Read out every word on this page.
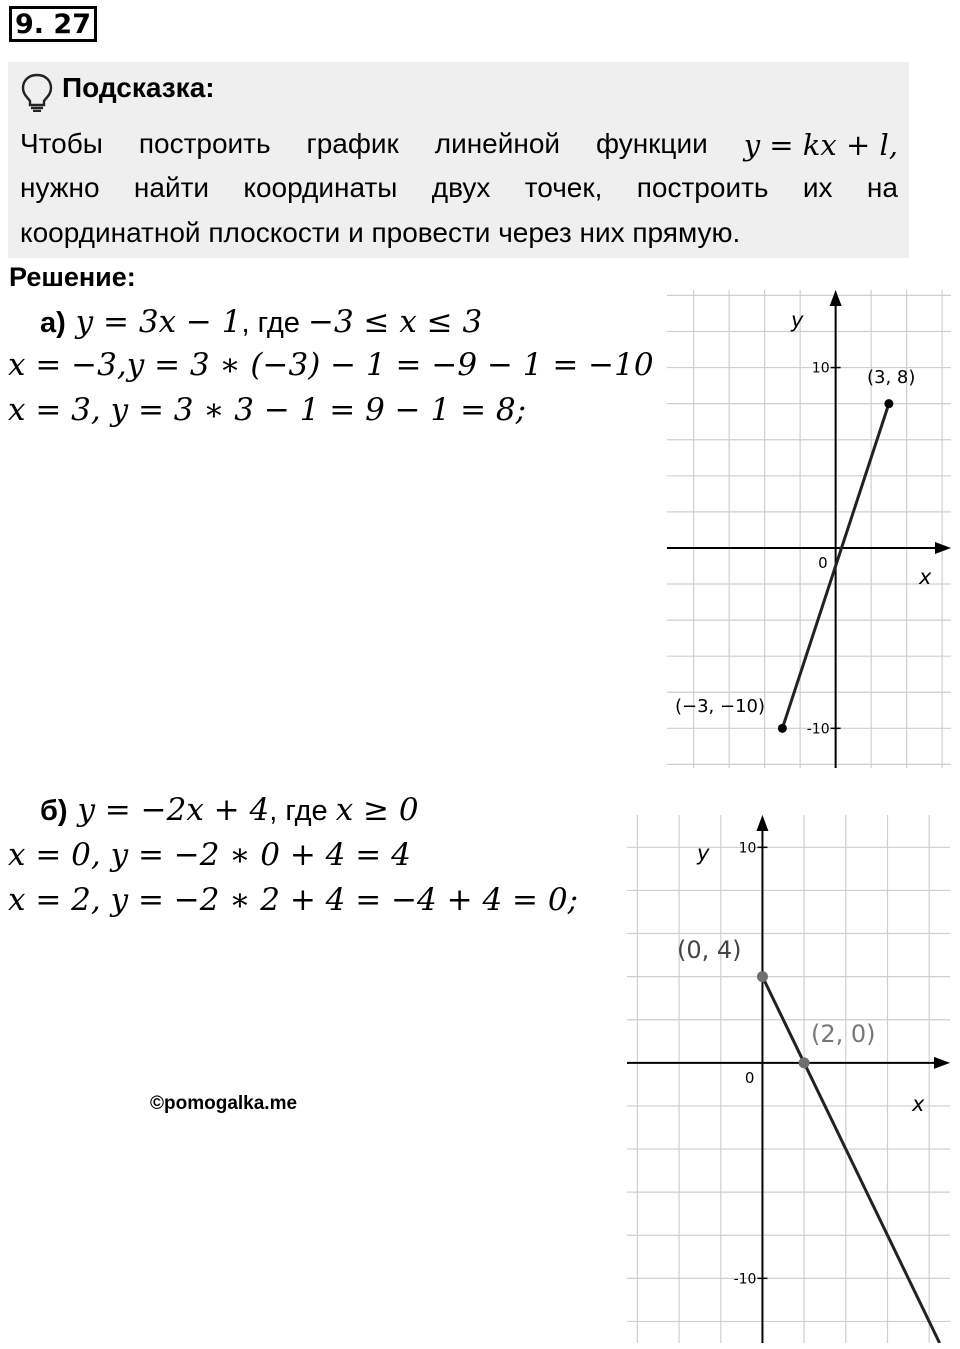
9. 27
Подсказка:
Чтобы построить график линейной функции y = kx + l,
нужно найти координаты двух точек, построить их на
координатной плоскости и провести через них прямую.
Решение:
а) y = 3x − 1, где −3 ≤ x ≤ 3
x = −3,y = 3 ∗ (−3) − 1 = −9 − 1 = −10
x = 3, y = 3 ∗ 3 − 1 = 9 − 1 = 8;
б) y = −2x + 4, где x ≥ 0
x = 0, y = −2 ∗ 0 + 4 = 4
x = 2, y = −2 ∗ 2 + 4 = −4 + 4 = 0;
©pomogalka.me
10
-10
0
x
y
(3, 8)
(−3, −10)
10
-10
0
x
y
(0, 4)
(2, 0)
